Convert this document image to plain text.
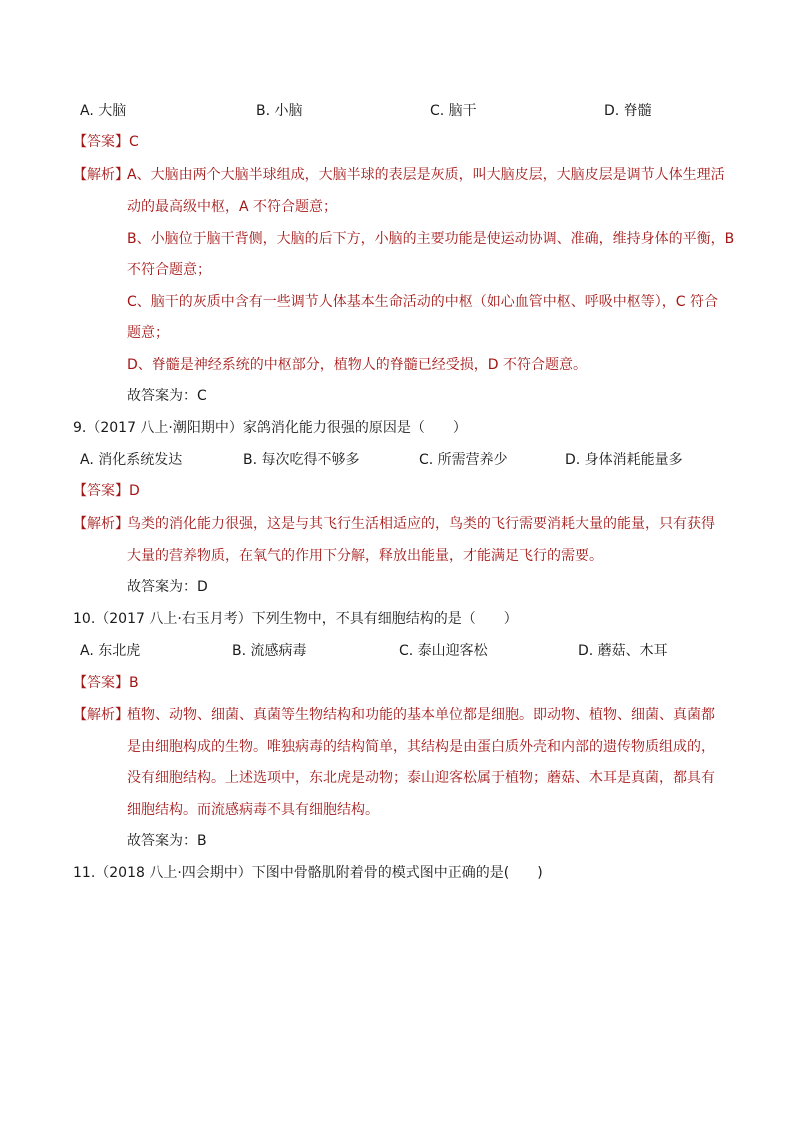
A. 大脑	B. 小脑	C. 脑干	D. 脊髓
【答案】C
【解析】
A、大脑由两个大脑半球组成，大脑半球的表层是灰质，叫大脑皮层，大脑皮层是调节人体生理活
动的最高级中枢，A 不符合题意；
B、小脑位于脑干背侧，大脑的后下方，小脑的主要功能是使运动协调、准确，维持身体的平衡，B
不符合题意；
C、脑干的灰质中含有一些调节人体基本生命活动的中枢（如心血管中枢、呼吸中枢等），C 符合
题意；
D、脊髓是神经系统的中枢部分，植物人的脊髓已经受损，D 不符合题意。
故答案为：C
9.（2017 八上·潮阳期中）家鸽消化能力很强的原因是（　　）
A. 消化系统发达	B. 每次吃得不够多	C. 所需营养少	D. 身体消耗能量多
【答案】D
【解析】
鸟类的消化能力很强，这是与其飞行生活相适应的，鸟类的飞行需要消耗大量的能量，只有获得
大量的营养物质，在氧气的作用下分解，释放出能量，才能满足飞行的需要。
故答案为：D
10.（2017 八上·右玉月考）下列生物中，不具有细胞结构的是（　　）
A. 东北虎	B. 流感病毒	C. 泰山迎客松	D. 蘑菇、木耳
【答案】B
【解析】
植物、动物、细菌、真菌等生物结构和功能的基本单位都是细胞。即动物、植物、细菌、真菌都
是由细胞构成的生物。唯独病毒的结构简单，其结构是由蛋白质外壳和内部的遗传物质组成的，
没有细胞结构。上述选项中，东北虎是动物；泰山迎客松属于植物；蘑菇、木耳是真菌，都具有
细胞结构。而流感病毒不具有细胞结构。
故答案为：B
11.（2018 八上·四会期中）下图中骨骼肌附着骨的模式图中正确的是(　　)
